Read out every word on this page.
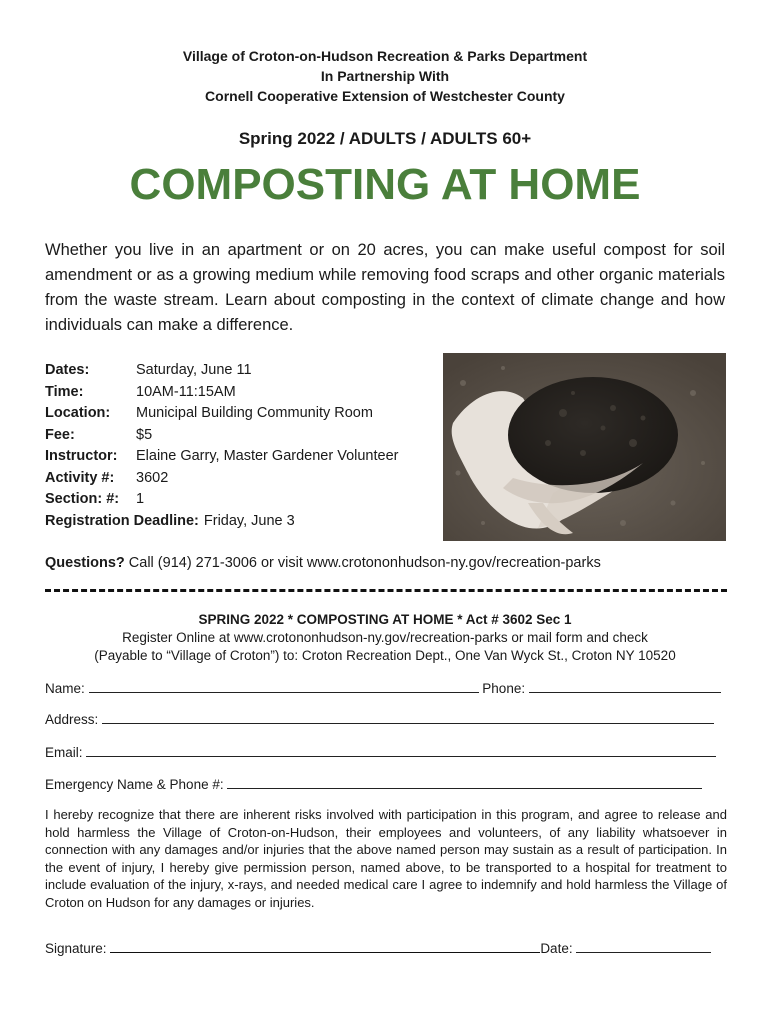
Village of Croton-on-Hudson Recreation & Parks Department
In Partnership With
Cornell Cooperative Extension of Westchester County
Spring 2022 / ADULTS / ADULTS 60+
COMPOSTING AT HOME
Whether you live in an apartment or on 20 acres, you can make useful compost for soil amendment or as a growing medium while removing food scraps and other organic materials from the waste stream. Learn about composting in the context of climate change and how individuals can make a difference.
Dates:	Saturday, June 11
Time:	10AM-11:15AM
Location: Municipal Building Community Room
Fee:	$5
Instructor: Elaine Garry, Master Gardener Volunteer
Activity #: 3602
Section: #: 1
Registration Deadline: Friday, June 3
Questions? Call (914) 271-3006 or visit www.crotononhudson-ny.gov/recreation-parks
SPRING 2022 * COMPOSTING AT HOME * Act # 3602 Sec 1
Register Online at www.crotononhudson-ny.gov/recreation-parks or mail form and check
(Payable to “Village of Croton”) to: Croton Recreation Dept., One Van Wyck St., Croton NY 10520
Name:	Phone:
Address:
Email:
Emergency Name & Phone #:
I hereby recognize that there are inherent risks involved with participation in this program, and agree to release and hold harmless the Village of Croton-on-Hudson, their employees and volunteers, of any liability whatsoever in connection with any damages and/or injuries that the above named person may sustain as a result of participation. In the event of injury, I hereby give permission person, named above, to be transported to a hospital for treatment to include evaluation of the injury, x-rays, and needed medical care I agree to indemnify and hold harmless the Village of Croton on Hudson for any damages or injuries.
Signature:	Date:
